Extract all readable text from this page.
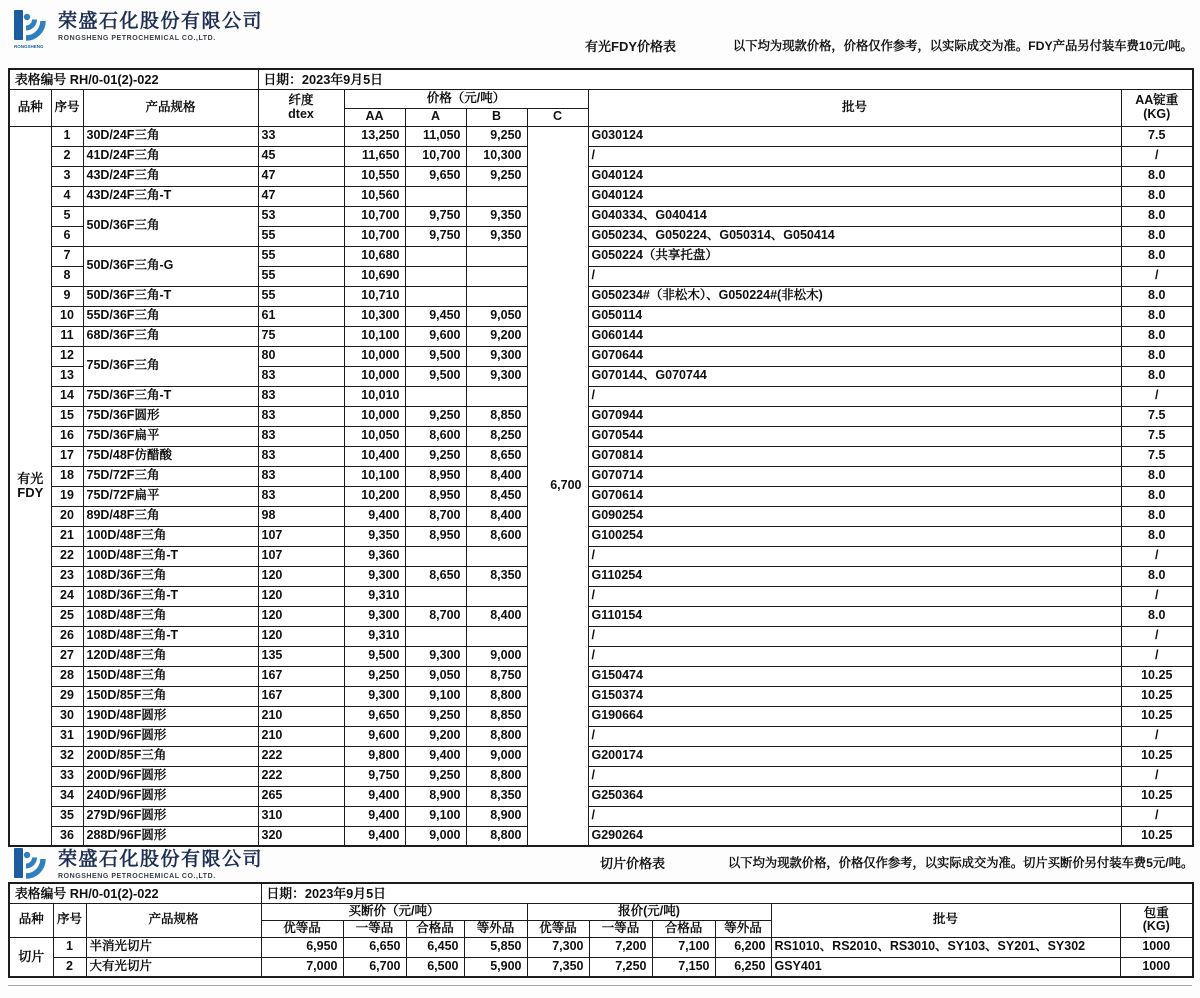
RONGSHENG
荣盛石化股份有限公司
RONGSHENG PETROCHEMICAL CO.,LTD.
有光FDY价格表	以下均为现款价格，价格仅作参考，以实际成交为准。FDY产品另付装车费10元/吨。
表格编号 RH/0-01(2)-022			日期：2023年9月5日						
品种	序号	产品规格	纤度
dtex	价格（元/吨）				批号	AA锭重
(KG)

				AA	A	B	C		

有光
FDY	1	30D/24F三角	33	13,250	11,050	9,250	6,700	G030124	7.5
	2	41D/24F三角	45	11,650	10,700	10,300		/	/
	3	43D/24F三角	47	10,550	9,650	9,250		G040124	8.0
	4	43D/24F三角-T	47	10,560				G040124	8.0
	5	50D/36F三角	53	10,700	9,750	9,350		G040334、G040414	8.0
	6		55	10,700	9,750	9,350		G050234、G050224、G050314、G050414	8.0
	7	50D/36F三角-G	55	10,680				G050224（共享托盘）	8.0
	8		55	10,690				/	/
	9	50D/36F三角-T	55	10,710				G050234#（非松木）、G050224#(非松木)	8.0
	10	55D/36F三角	61	10,300	9,450	9,050		G050114	8.0
	11	68D/36F三角	75	10,100	9,600	9,200		G060144	8.0
	12	75D/36F三角	80	10,000	9,500	9,300		G070644	8.0
	13		83	10,000	9,500	9,300		G070144、G070744	8.0
	14	75D/36F三角-T	83	10,010				/	/
	15	75D/36F圆形	83	10,000	9,250	8,850		G070944	7.5
	16	75D/36F扁平	83	10,050	8,600	8,250		G070544	7.5
	17	75D/48F仿醋酸	83	10,400	9,250	8,650		G070814	7.5
	18	75D/72F三角	83	10,100	8,950	8,400		G070714	8.0
	19	75D/72F扁平	83	10,200	8,950	8,450		G070614	8.0
	20	89D/48F三角	98	9,400	8,700	8,400		G090254	8.0
	21	100D/48F三角	107	9,350	8,950	8,600		G100254	8.0
	22	100D/48F三角-T	107	9,360				/	/
	23	108D/36F三角	120	9,300	8,650	8,350		G110254	8.0
	24	108D/36F三角-T	120	9,310				/	/
	25	108D/48F三角	120	9,300	8,700	8,400		G110154	8.0
	26	108D/48F三角-T	120	9,310				/	/
	27	120D/48F三角	135	9,500	9,300	9,000		/	/
	28	150D/48F三角	167	9,250	9,050	8,750		G150474	10.25
	29	150D/85F三角	167	9,300	9,100	8,800		G150374	10.25
	30	190D/48F圆形	210	9,650	9,250	8,850		G190664	10.25
	31	190D/96F圆形	210	9,600	9,200	8,800		/	/
	32	200D/85F三角	222	9,800	9,400	9,000		G200174	10.25
	33	200D/96F圆形	222	9,750	9,250	8,800		/	/
	34	240D/96F圆形	265	9,400	8,900	8,350		G250364	10.25
	35	279D/96F圆形	310	9,400	9,100	8,900		/	/
	36	288D/96F圆形	320	9,400	9,000	8,800		G290264	10.25
荣盛石化股份有限公司
RONGSHENG PETROCHEMICAL CO.,LTD.
切片价格表	以下均为现款价格，价格仅作参考，以实际成交为准。切片买断价另付装车费5元/吨。
表格编号 RH/0-01(2)-022			日期：2023年9月5日									
品种	序号	产品规格	买断价（元/吨）				报价(元/吨)				批号	包重
(KG)

			优等品	一等品	合格品	等外品	优等品	一等品	合格品	等外品		
切片	1	半消光切片	6,950	6,650	6,450	5,850	7,300	7,200	7,100	6,200	RS1010、RS2010、RS3010、SY103、SY201、SY302	1000
	2	大有光切片	7,000	6,700	6,500	5,900	7,350	7,250	7,150	6,250	GSY401	1000
